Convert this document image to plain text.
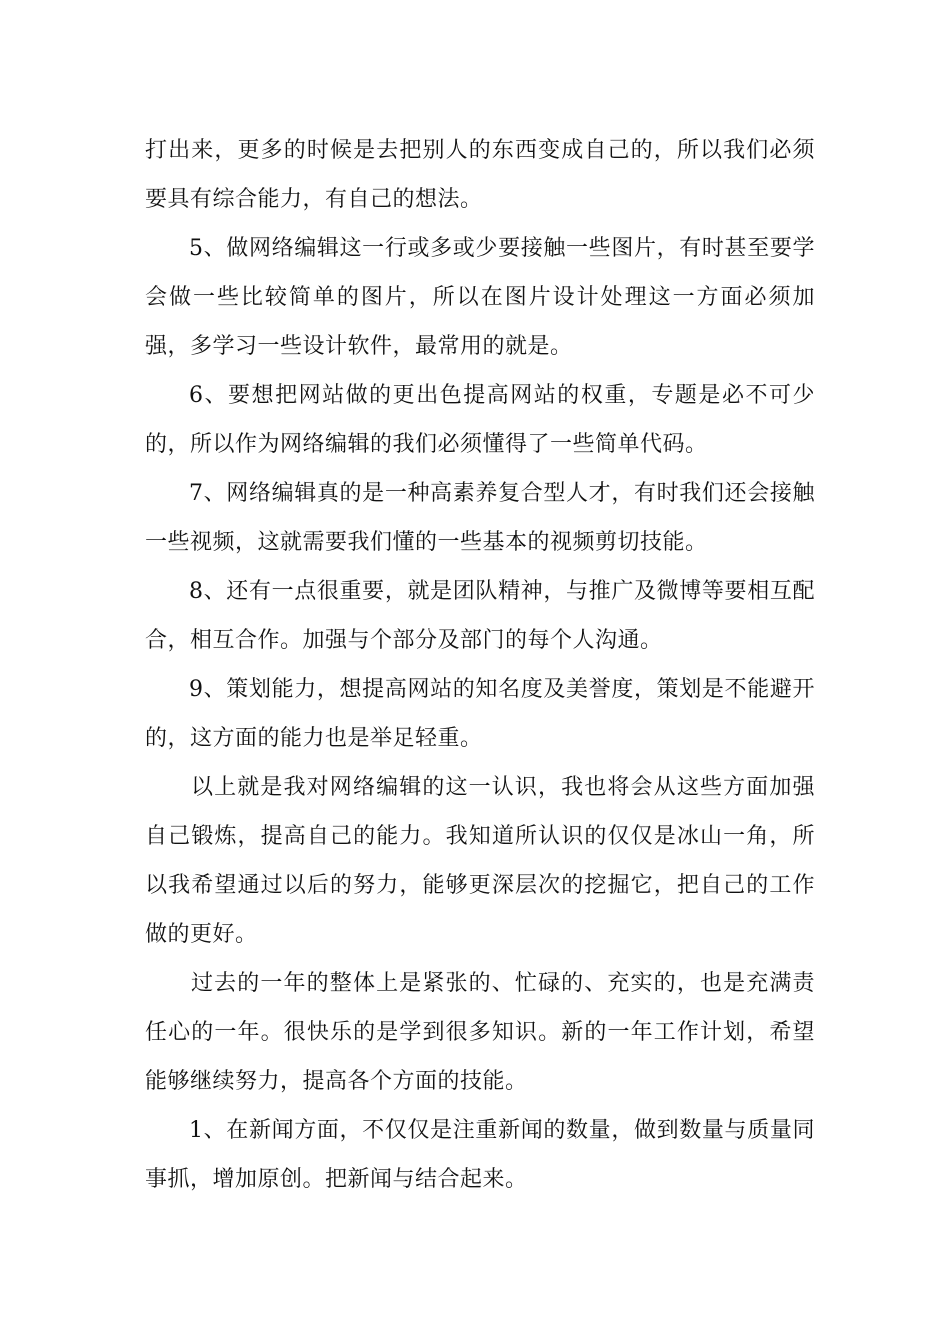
打出来，更多的时候是去把别人的东西变成自己的，所以我们必须要具有综合能力，有自己的想法。

5、做网络编辑这一行或多或少要接触一些图片，有时甚至要学会做一些比较简单的图片，所以在图片设计处理这一方面必须加强，多学习一些设计软件，最常用的就是。

6、要想把网站做的更出色提高网站的权重，专题是必不可少的，所以作为网络编辑的我们必须懂得了一些简单代码。

7、网络编辑真的是一种高素养复合型人才，有时我们还会接触一些视频，这就需要我们懂的一些基本的视频剪切技能。

8、还有一点很重要，就是团队精神，与推广及微博等要相互配合，相互合作。加强与个部分及部门的每个人沟通。

9、策划能力，想提高网站的知名度及美誉度，策划是不能避开的，这方面的能力也是举足轻重。

以上就是我对网络编辑的这一认识，我也将会从这些方面加强自己锻炼，提高自己的能力。我知道所认识的仅仅是冰山一角，所以我希望通过以后的努力，能够更深层次的挖掘它，把自己的工作做的更好。

过去的一年的整体上是紧张的、忙碌的、充实的，也是充满责任心的一年。很快乐的是学到很多知识。新的一年工作计划，希望能够继续努力，提高各个方面的技能。

1、在新闻方面，不仅仅是注重新闻的数量，做到数量与质量同事抓，增加原创。把新闻与结合起来。
